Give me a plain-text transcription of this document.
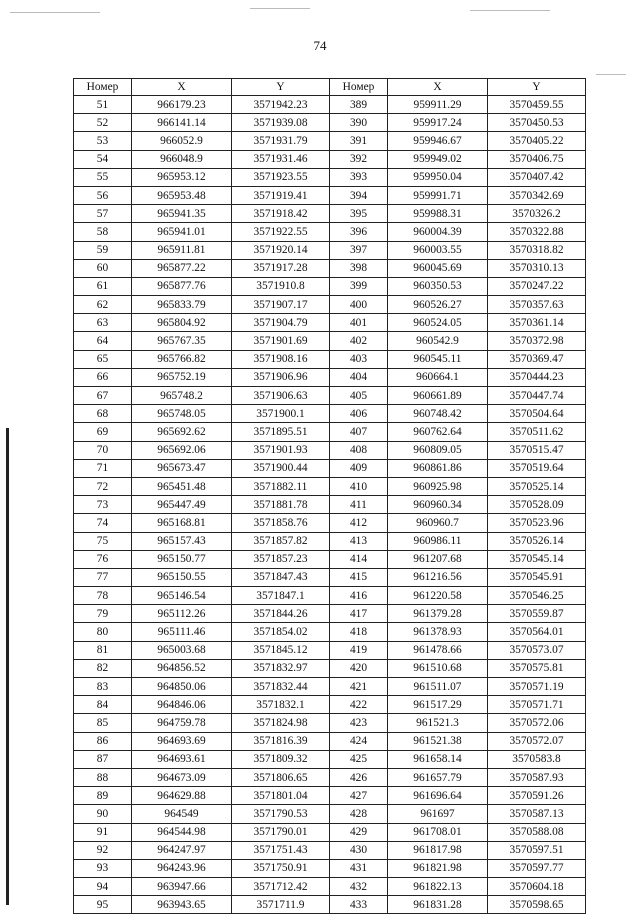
74
Номер	X	Y	Номер	X	Y
51	966179.23	3571942.23	389	959911.29	3570459.55
52	966141.14	3571939.08	390	959917.24	3570450.53
53	966052.9	3571931.79	391	959946.67	3570405.22
54	966048.9	3571931.46	392	959949.02	3570406.75
55	965953.12	3571923.55	393	959950.04	3570407.42
56	965953.48	3571919.41	394	959991.71	3570342.69
57	965941.35	3571918.42	395	959988.31	3570326.2
58	965941.01	3571922.55	396	960004.39	3570322.88
59	965911.81	3571920.14	397	960003.55	3570318.82
60	965877.22	3571917.28	398	960045.69	3570310.13
61	965877.76	3571910.8	399	960350.53	3570247.22
62	965833.79	3571907.17	400	960526.27	3570357.63
63	965804.92	3571904.79	401	960524.05	3570361.14
64	965767.35	3571901.69	402	960542.9	3570372.98
65	965766.82	3571908.16	403	960545.11	3570369.47
66	965752.19	3571906.96	404	960664.1	3570444.23
67	965748.2	3571906.63	405	960661.89	3570447.74
68	965748.05	3571900.1	406	960748.42	3570504.64
69	965692.62	3571895.51	407	960762.64	3570511.62
70	965692.06	3571901.93	408	960809.05	3570515.47
71	965673.47	3571900.44	409	960861.86	3570519.64
72	965451.48	3571882.11	410	960925.98	3570525.14
73	965447.49	3571881.78	411	960960.34	3570528.09
74	965168.81	3571858.76	412	960960.7	3570523.96
75	965157.43	3571857.82	413	960986.11	3570526.14
76	965150.77	3571857.23	414	961207.68	3570545.14
77	965150.55	3571847.43	415	961216.56	3570545.91
78	965146.54	3571847.1	416	961220.58	3570546.25
79	965112.26	3571844.26	417	961379.28	3570559.87
80	965111.46	3571854.02	418	961378.93	3570564.01
81	965003.68	3571845.12	419	961478.66	3570573.07
82	964856.52	3571832.97	420	961510.68	3570575.81
83	964850.06	3571832.44	421	961511.07	3570571.19
84	964846.06	3571832.1	422	961517.29	3570571.71
85	964759.78	3571824.98	423	961521.3	3570572.06
86	964693.69	3571816.39	424	961521.38	3570572.07
87	964693.61	3571809.32	425	961658.14	3570583.8
88	964673.09	3571806.65	426	961657.79	3570587.93
89	964629.88	3571801.04	427	961696.64	3570591.26
90	964549	3571790.53	428	961697	3570587.13
91	964544.98	3571790.01	429	961708.01	3570588.08
92	964247.97	3571751.43	430	961817.98	3570597.51
93	964243.96	3571750.91	431	961821.98	3570597.77
94	963947.66	3571712.42	432	961822.13	3570604.18
95	963943.65	3571711.9	433	961831.28	3570598.65
